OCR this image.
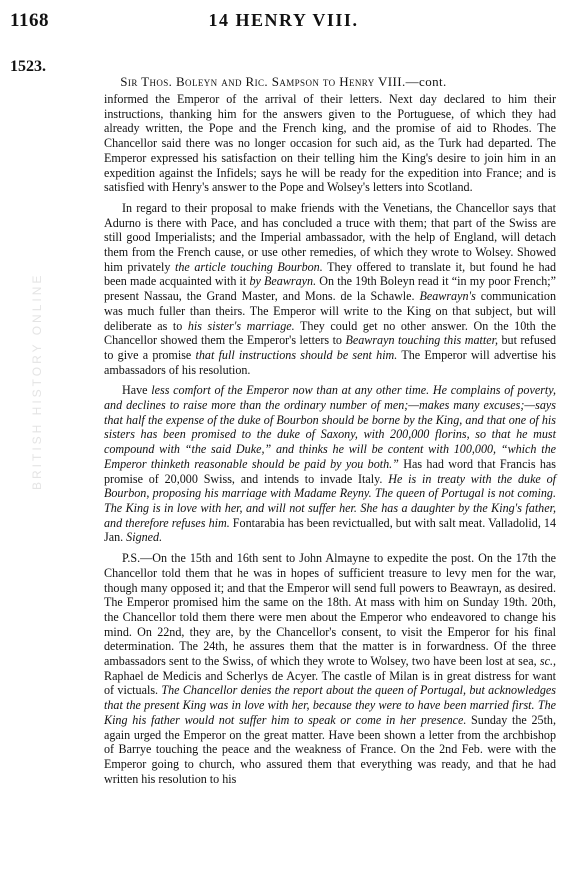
1168	14 HENRY VIII.
1523.
Sir Thos. Boleyn and Ric. Sampson to Henry VIII.—cont.
BRITISH HISTORY ONLINE

informed the Emperor of the arrival of their letters. Next day declared to him their instructions, thanking him for the answers given to the Portuguese, of which they had already written, the Pope and the French king, and the promise of aid to Rhodes. The Chancellor said there was no longer occasion for such aid, as the Turk had departed. The Emperor expressed his satisfaction on their telling him the King's desire to join him in an expedition against the Infidels; says he will be ready for the expedition into France; and is satisfied with Henry's answer to the Pope and Wolsey's letters into Scotland.

In regard to their proposal to make friends with the Venetians, the Chancellor says that Adurno is there with Pace, and has concluded a truce with them; that part of the Swiss are still good Imperialists; and the Imperial ambassador, with the help of England, will detach them from the French cause, or use other remedies, of which they wrote to Wolsey. Showed him privately the article touching Bourbon. They offered to translate it, but found he had been made acquainted with it by Beawrayn. On the 19th Boleyn read it “in my poor French;” present Nassau, the Grand Master, and Mons. de la Schawle. Beawrayn's communication was much fuller than theirs. The Emperor will write to the King on that subject, but will deliberate as to his sister's marriage. They could get no other answer. On the 10th the Chancellor showed them the Emperor's letters to Beawrayn touching this matter, but refused to give a promise that full instructions should be sent him. The Emperor will advertise his ambassadors of his resolution.

Have less comfort of the Emperor now than at any other time. He complains of poverty, and declines to raise more than the ordinary number of men;—makes many excuses;—says that half the expense of the duke of Bourbon should be borne by the King, and that one of his sisters has been promised to the duke of Saxony, with 200,000 florins, so that he must compound with “the said Duke,” and thinks he will be content with 100,000, “which the Emperor thinketh reasonable should be paid by you both.” Has had word that Francis has promise of 20,000 Swiss, and intends to invade Italy. He is in treaty with the duke of Bourbon, proposing his marriage with Madame Reyny. The queen of Portugal is not coming. The King is in love with her, and will not suffer her. She has a daughter by the King's father, and therefore refuses him. Fontarabia has been revictualled, but with salt meat. Valladolid, 14 Jan. Signed.

P.S.—On the 15th and 16th sent to John Almayne to expedite the post. On the 17th the Chancellor told them that he was in hopes of sufficient treasure to levy men for the war, though many opposed it; and that the Emperor will send full powers to Beawrayn, as desired. The Emperor promised him the same on the 18th. At mass with him on Sunday 19th. 20th, the Chancellor told them there were men about the Emperor who endeavored to change his mind. On 22nd, they are, by the Chancellor's consent, to visit the Emperor for his final determination. The 24th, he assures them that the matter is in forwardness. Of the three ambassadors sent to the Swiss, of which they wrote to Wolsey, two have been lost at sea, sc., Raphael de Medicis and Scherlys de Acyer. The castle of Milan is in great distress for want of victuals. The Chancellor denies the report about the queen of Portugal, but acknowledges that the present King was in love with her, because they were to have been married first. The King his father would not suffer him to speak or come in her presence. Sunday the 25th, again urged the Emperor on the great matter. Have been shown a letter from the archbishop of Barrye touching the peace and the weakness of France. On the 2nd Feb. were with the Emperor going to church, who assured them that everything was ready, and that he had written his resolution to his
